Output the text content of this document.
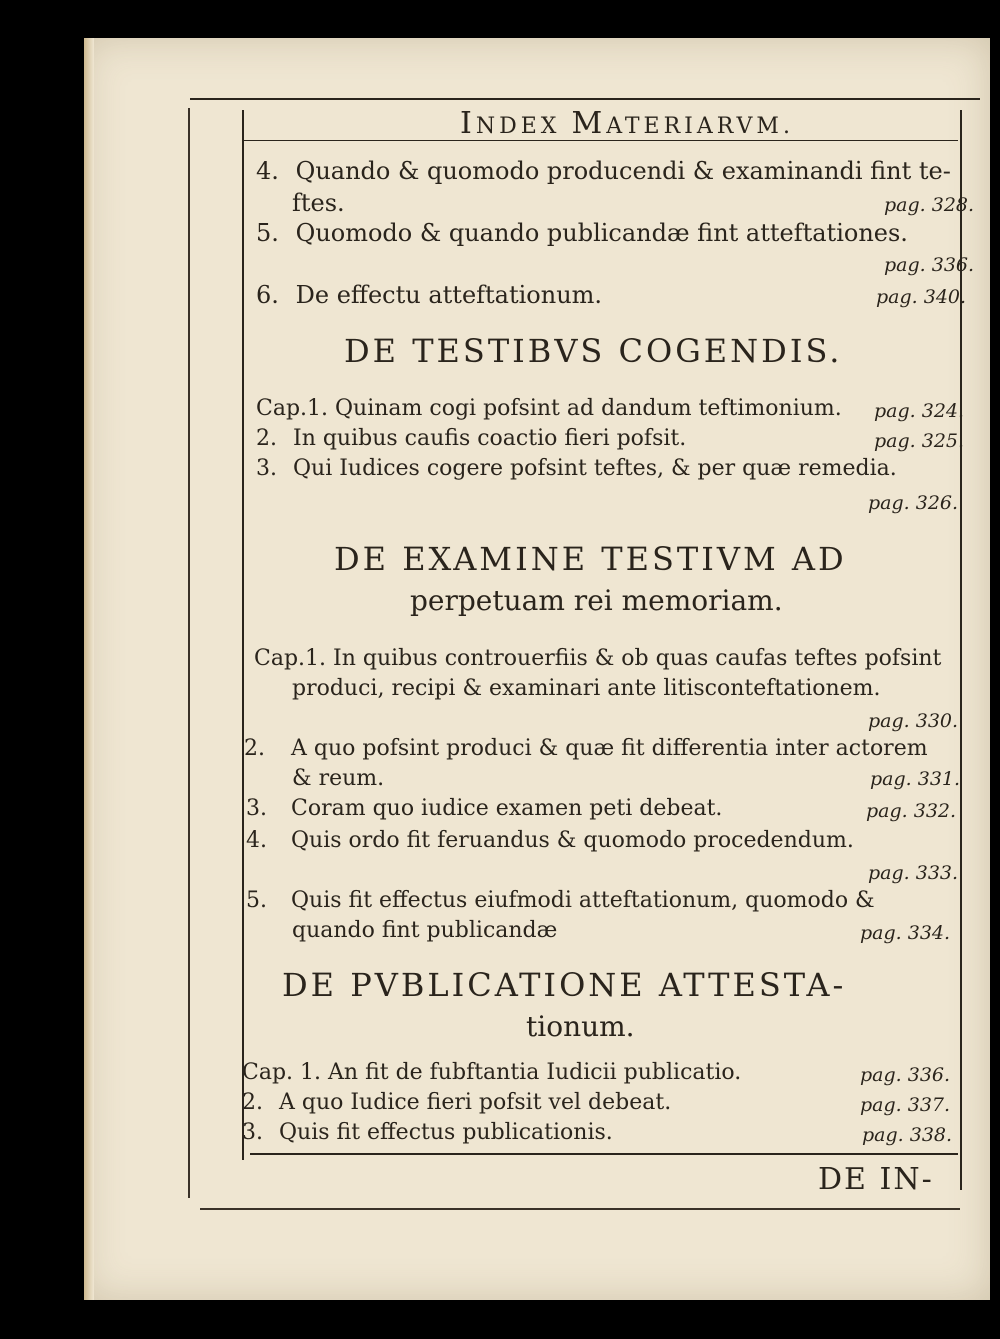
INDEX MATERIARVM.
4. Quando & quomodo producendi & examinandi fint te-
ftes.	pag. 328.
5. Quomodo & quando publicandæ fint atteftationes.
pag. 336.
6. De effectu atteftationum.	pag. 340.
DE TESTIBVS COGENDIS.
Cap.1. Quinam cogi pofsint ad dandum teftimonium. pag. 324.
2. In quibus caufis coactio fieri pofsit.	pag. 325.
3. Qui Iudices cogere pofsint teftes, & per quæ remedia.
pag. 326.
DE EXAMINE TESTIVM AD
perpetuam rei memoriam.
Cap.1. In quibus controuerfiis & ob quas caufas teftes pofsint
produci, recipi & examinari ante litisconteftationem.
pag. 330.
2. A quo pofsint produci & quæ fit differentia inter actorem
& reum.	pag. 331.
3. Coram quo iudice examen peti debeat.	pag. 332.
4. Quis ordo fit feruandus & quomodo procedendum.
pag. 333.
5. Quis fit effectus eiufmodi atteftationum, quomodo &
quando fint publicandæ	pag. 334.
DE PVBLICATIONE ATTESTA-
tionum.
Cap. 1. An fit de fubftantia Iudicii publicatio.	pag. 336.
2. A quo Iudice fieri pofsit vel debeat.	pag. 337.
3. Quis fit effectus publicationis.	pag. 338.
DE IN-
